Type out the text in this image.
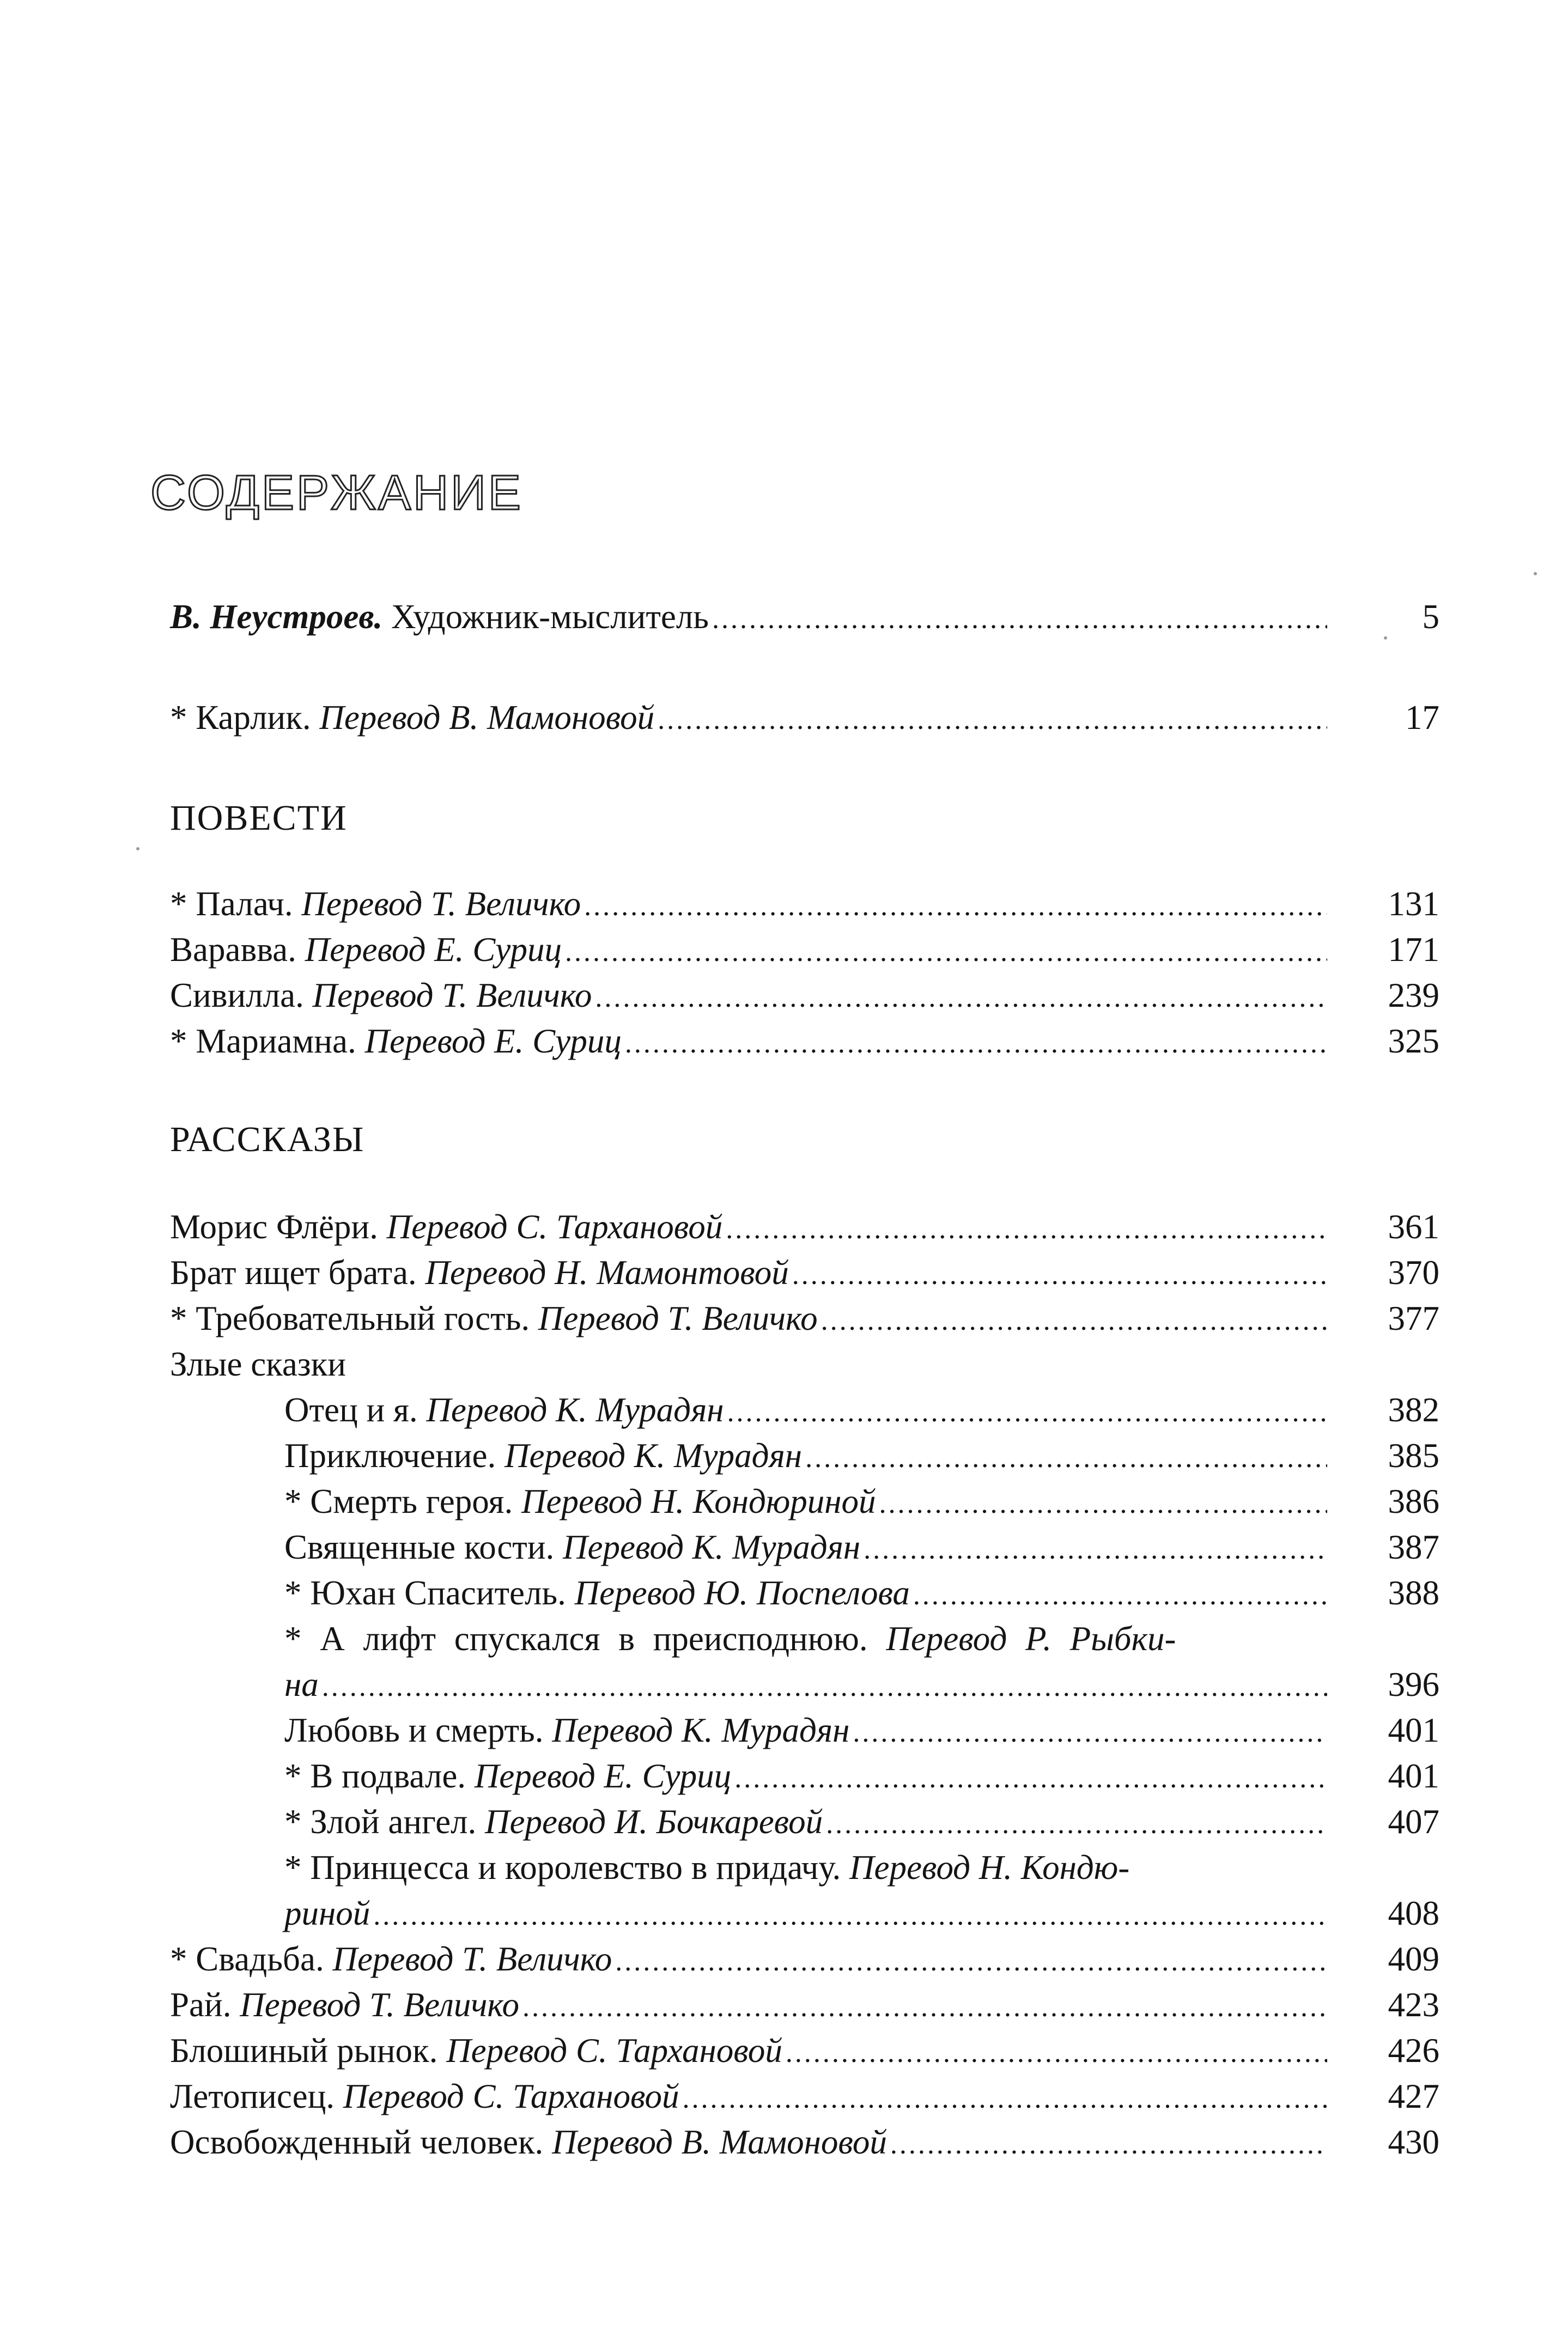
СОДЕРЖАНИЕ
В. Неустроев. Художник-мыслитель .....	5
* Карлик. Перевод В. Мамоновой .....	17
ПОВЕСТИ
* Палач. Перевод Т. Величко .....	131
Варавва. Перевод Е. Суриц .....	171
Сивилла. Перевод Т. Величко .....	239
* Мариамна. Перевод Е. Суриц .....	325
РАССКАЗЫ
Морис Флёри. Перевод С. Тархановой .....	361
Брат ищет брата. Перевод Н. Мамонтовой .....	370
* Требовательный гость. Перевод Т. Величко .....	377
Злые сказки
Отец и я. Перевод К. Мурадян .....	382
Приключение. Перевод К. Мурадян .....	385
* Смерть героя. Перевод Н. Кондюриной .....	386
Священные кости. Перевод К. Мурадян .....	387
* Юхан Спаситель. Перевод Ю. Поспелова .....	388
* А лифт спускался в преисподнюю. Перевод Р. Рыбки-
на .....	396
Любовь и смерть. Перевод К. Мурадян .....	401
* В подвале. Перевод Е. Суриц .....	401
* Злой ангел. Перевод И. Бочкаревой .....	407
* Принцесса и королевство в придачу. Перевод Н. Кондю-
риной .....	408
* Свадьба. Перевод Т. Величко .....	409
Рай. Перевод Т. Величко .....	423
Блошиный рынок. Перевод С. Тархановой .....	426
Летописец. Перевод С. Тархановой .....	427
Освобожденный человек. Перевод В. Мамоновой .....	430
